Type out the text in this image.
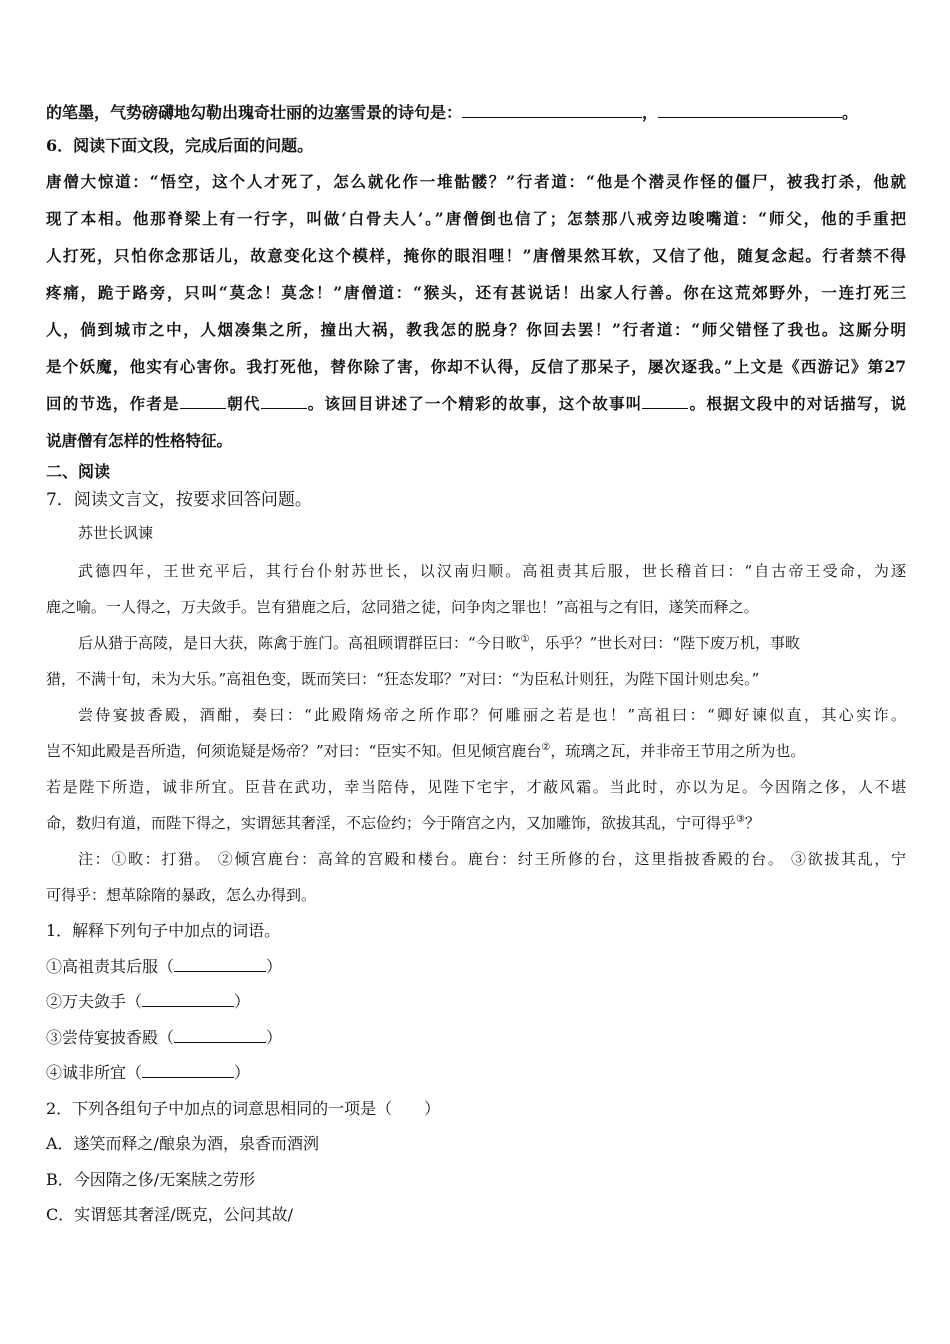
的笔墨，气势磅礴地勾勒出瑰奇壮丽的边塞雪景的诗句是：	，	。
6．阅读下面文段，完成后面的问题。
唐僧大惊道：“悟空，这个人才死了，怎么就化作一堆骷髅？”行者道：“他是个潜灵作怪的僵尸，被我打杀，他就
现了本相。他那脊梁上有一行字，叫做‘白骨夫人’。”唐僧倒也信了；怎禁那八戒旁边唆嘴道：“师父，他的手重把
人打死，只怕你念那话儿，故意变化这个模样，掩你的眼泪哩！”唐僧果然耳软，又信了他，随复念起。行者禁不得
疼痛，跪于路旁，只叫“莫念！莫念！”唐僧道：“猴头，还有甚说话！出家人行善。你在这荒郊野外，一连打死三
人，倘到城市之中，人烟凑集之所，撞出大祸，教我怎的脱身？你回去罢！”行者道：“师父错怪了我也。这厮分明
是个妖魔，他实有心害你。我打死他，替你除了害，你却不认得，反信了那呆子，屡次逐我。”上文是《西游记》第27
回的节选，作者是	朝代	。该回目讲述了一个精彩的故事，这个故事叫	。根据文段中的对话描写，说
说唐僧有怎样的性格特征。
二、阅读
7．阅读文言文，按要求回答问题。
苏世长讽谏
武德四年，王世充平后，其行台仆射苏世长，以汉南归顺。高祖责其后服，世长稽首曰：“自古帝王受命，为逐
鹿之喻。一人得之，万夫敛手。岂有猎鹿之后，忿同猎之徒，问争肉之罪也！”高祖与之有旧，遂笑而释之。
后从猎于高陵，是日大获，陈禽于旌门。高祖顾谓群臣曰：“今日畋①，乐乎？”世长对曰：“陛下废万机，事畋
猎，不满十旬，未为大乐。”高祖色变，既而笑曰：“狂态发耶？”对曰：“为臣私计则狂，为陛下国计则忠矣。”
尝侍宴披香殿，酒酣，奏曰：“此殿隋炀帝之所作耶？何雕丽之若是也！”高祖曰：“卿好谏似直，其心实诈。
岂不知此殿是吾所造，何须诡疑是炀帝？”对曰：“臣实不知。但见倾宫鹿台②，琉璃之瓦，并非帝王节用之所为也。
若是陛下所造，诚非所宜。臣昔在武功，幸当陪侍，见陛下宅宇，才蔽风霜。当此时，亦以为足。今因隋之侈，人不堪
命，数归有道，而陛下得之，实谓惩其奢淫，不忘俭约；今于隋宫之内，又加雕饰，欲拔其乱，宁可得乎③？
注：①畋：打猎。 ②倾宫鹿台：高耸的宫殿和楼台。鹿台：纣王所修的台，这里指披香殿的台。 ③欲拔其乱，宁
可得乎：想革除隋的暴政，怎么办得到。
1．解释下列句子中加点的词语。
①高祖责其后服（	）
②万夫敛手（	）
③尝侍宴披香殿（	）
④诚非所宜（	）
2．下列各组句子中加点的词意思相同的一项是（　　）
A．遂笑而释之/酿泉为酒，泉香而酒洌
B．今因隋之侈/无案牍之劳形
C．实谓惩其奢淫/既克，公问其故/
